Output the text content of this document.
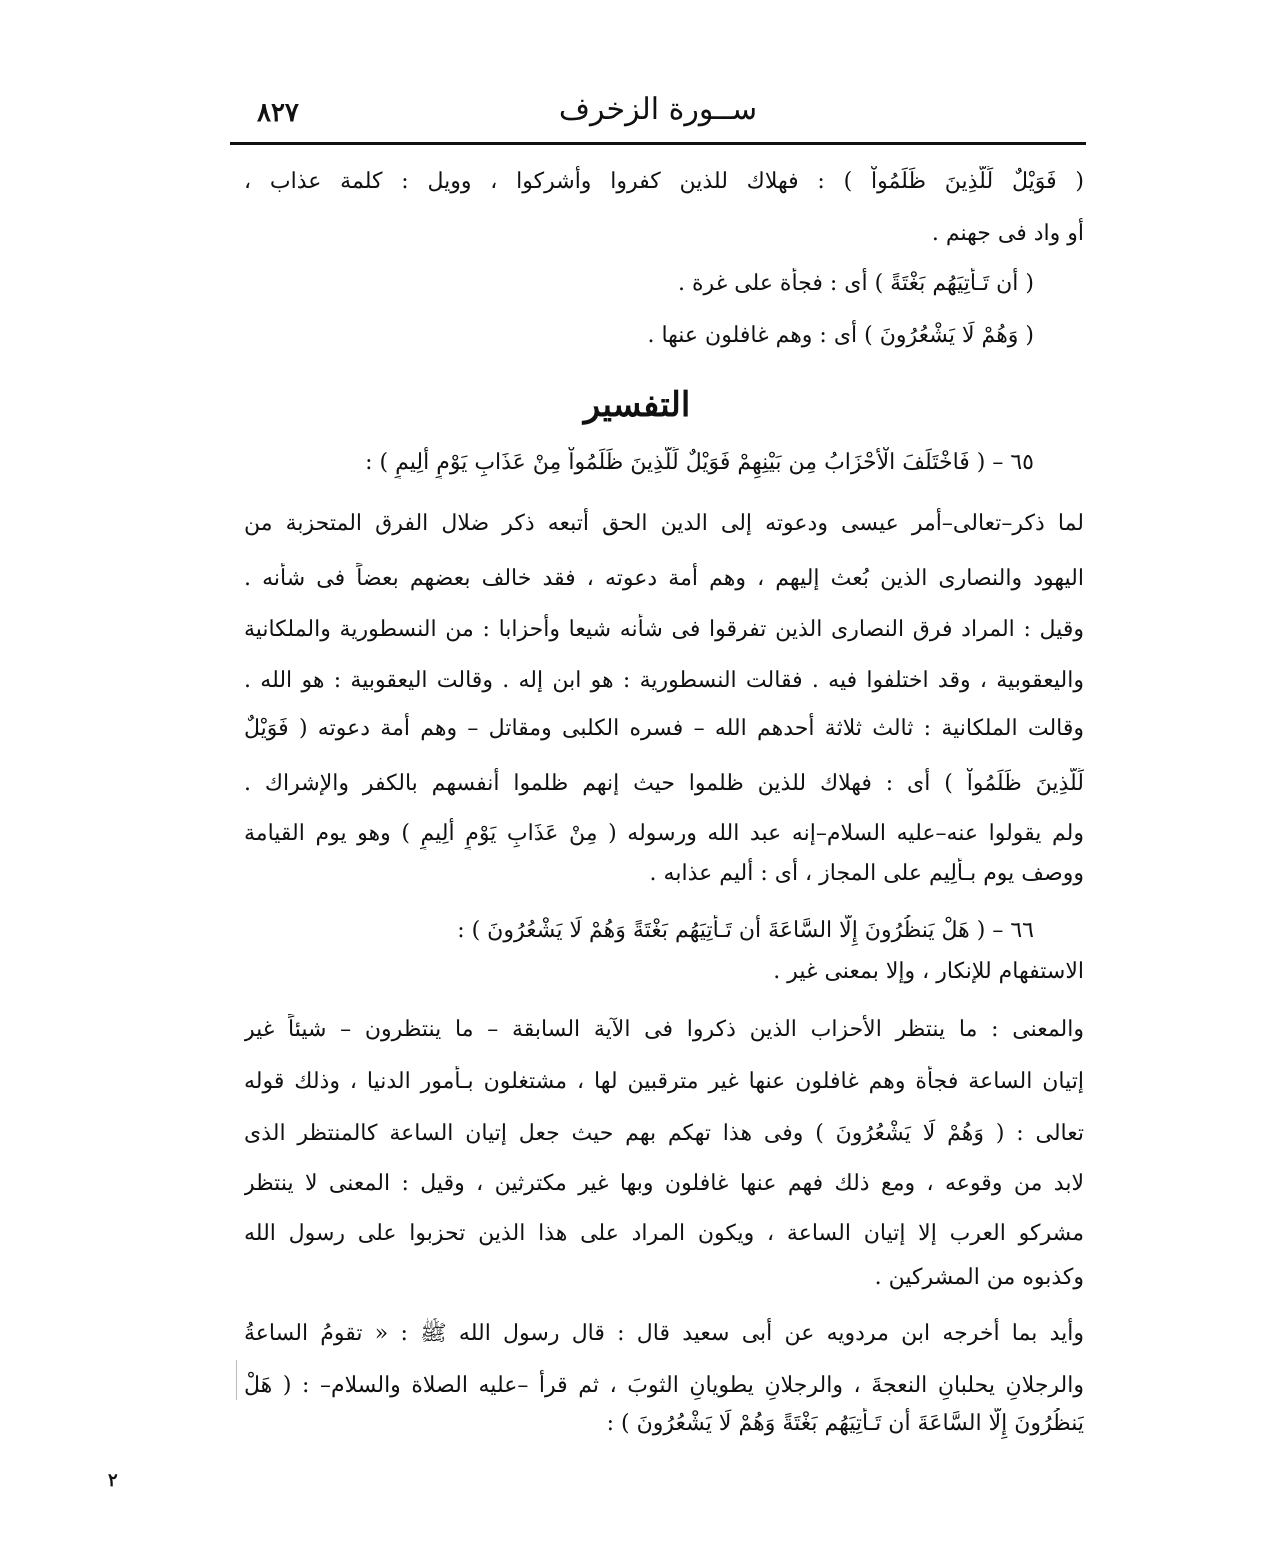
٨٢٧	ســورة الزخرف
( فَوَيْلٌ لِّلَّذِينَ ظَلَمُواْ ) : فهلاك للذين كفروا وأشركوا ، وويل : كلمة عذاب ،
أو واد فى جهنم .
( أن تَـأْتِيَهُم بَغْتَةً ) أى : فجأة على غرة .
( وَهُمْ لَا يَشْعُرُونَ ) أى : وهم غافلون عنها .
التفسير
٦٥ – ( فَاخْتَلَفَ الْأَحْزَابُ مِن بَيْنِهِمْ فَوَيْلٌ لِّلَّذِينَ ظَلَمُواْ مِنْ عَذَابِ يَوْمٍ أَلِيمٍ ) :
لما ذكر–تعالى–أمر عيسى ودعوته إلى الدين الحق أتبعه ذكر ضلال الفرق المتحزبة من
اليهود والنصارى الذين بُعث إليهم ، وهم أمة دعوته ، فقد خالف بعضهم بعضاً فى شأنه .
وقيل : المراد فرق النصارى الذين تفرقوا فى شأنه شيعا وأحزابا : من النسطورية والملكانية
واليعقوبية ، وقد اختلفوا فيه . فقالت النسطورية : هو ابن إله . وقالت اليعقوبية : هو الله .
وقالت الملكانية : ثالث ثلاثة أحدهم الله – فسره الكلبى ومقاتل – وهم أمة دعوته ( فَوَيْلٌ
لِّلَّذِينَ ظَلَمُواْ ) أى : فهلاك للذين ظلموا حيث إنهم ظلموا أنفسهم بالكفر والإشراك .
ولم يقولوا عنه–عليه السلام–إنه عبد الله ورسوله ( مِنْ عَذَابِ يَوْمٍ أَلِيمٍ ) وهو يوم القيامة
ووصف يوم بـألِيم على المجاز ، أى : أليم عذابه .
٦٦ – ( هَلْ يَنظُرُونَ إِلَّا السَّاعَةَ أَن تَـأْتِيَهُم بَغْتَةً وَهُمْ لَا يَشْعُرُونَ ) :
الاستفهام للإنكار ، وإلا بمعنى غير .
والمعنى : ما ينتظر الأحزاب الذين ذكروا فى الآية السابقة – ما ينتظرون – شيئاً غير
إتيان الساعة فجأة وهم غافلون عنها غير مترقبين لها ، مشتغلون بـأمور الدنيا ، وذلك قوله
تعالى : ( وَهُمْ لَا يَشْعُرُونَ ) وفى هذا تهكم بهم حيث جعل إتيان الساعة كالمنتظر الذى
لابد من وقوعه ، ومع ذلك فهم عنها غافلون وبها غير مكترثين ، وقيل : المعنى لا ينتظر
مشركو العرب إلا إتيان الساعة ، ويكون المراد على هذا الذين تحزبوا على رسول الله
وكذبوه من المشركين .
وأيد بما أخرجه ابن مردويه عن أبى سعيد قال : قال رسول الله ﷺ : « تقومُ الساعةُ
والرجلانِ يحلبانِ النعجةَ ، والرجلانِ يطويانِ الثوبَ ، ثم قرأ –عليه الصلاة والسلام– : ( هَلْ
يَنظُرُونَ إِلَّا السَّاعَةَ أَن تَـأْتِيَهُم بَغْتَةً وَهُمْ لَا يَشْعُرُونَ ) :
٢
